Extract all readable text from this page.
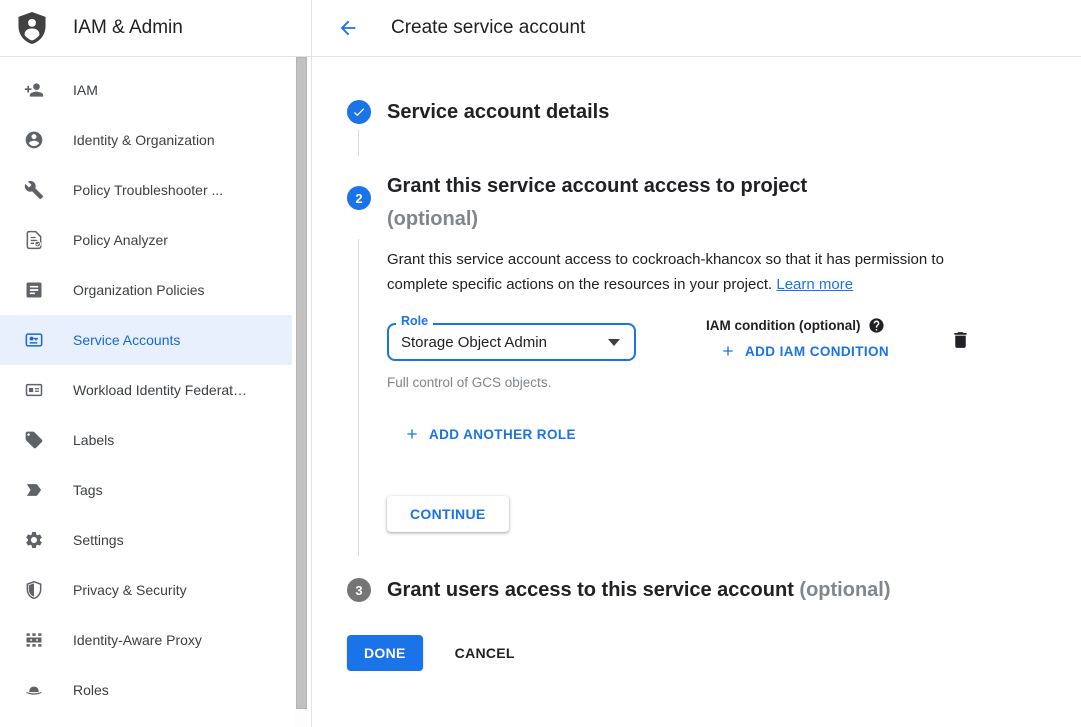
IAM & Admin
IAM
Identity & Organization
Policy Troubleshooter ...
Policy Analyzer
Organization Policies
Service Accounts
Workload Identity Federat…
Labels
Tags
Settings
Privacy & Security
Identity-Aware Proxy
Roles
Create service account
Service account details
2
Grant this service account access to project
(optional)

Grant this service account access to cockroach-khancox so that it has permission to complete specific actions on the resources in your project. Learn more

Role
Storage Object Admin
Full control of GCS objects.
IAM condition (optional)
ADD IAM CONDITION
ADD ANOTHER ROLE
CONTINUE
3 Grant users access to this service account (optional)
DONE	CANCEL
